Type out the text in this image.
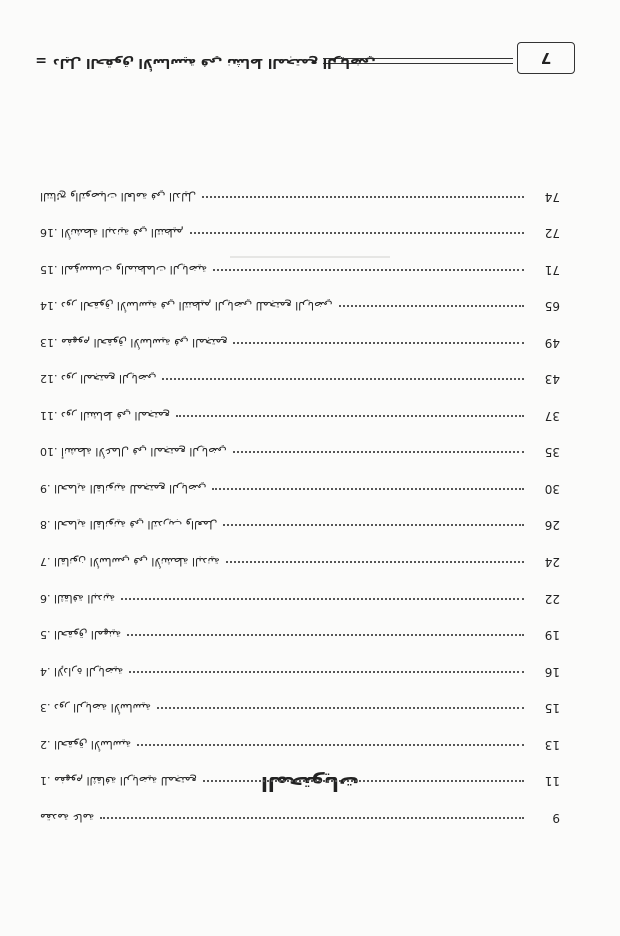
7
دليل الحقوق الأساسية في نشاط المجتمع الرياضي
=
المحتويات
9
مقدمة عامة
11
1. مفهوم الثقافة الرياضية للمجتمع
13
2. الحقوق الأساسية
15
3. دور الرياضة الأساسية
16
4. الإدارة الرياضية
19
5. الحقوق المهنية
22
6. الثقافة البدنية
24
7. القانون الأساسي في الأنشطة البدنية
26
8. الحماية القانونية في التدريب والعمل
30
9. الحماية القانونية للمجتمع الرياضي
35
10. أنشطة الأعمال في المجتمع الرياضي
37
11. دور النشاط في المجتمع
43
12. دور المجتمع الرياضي
49
13. مفهوم الحقوق الأساسية في المجتمع
65
14. دور الحقوق الأساسية في التنظيم الرياضي للمجتمع الرياضي
71
15. المؤسسات والمنظمات الرياضية
72
16. الأنشطة البدنية في التنظيم
74
النتائج والتوصيات العامة في الدليل
